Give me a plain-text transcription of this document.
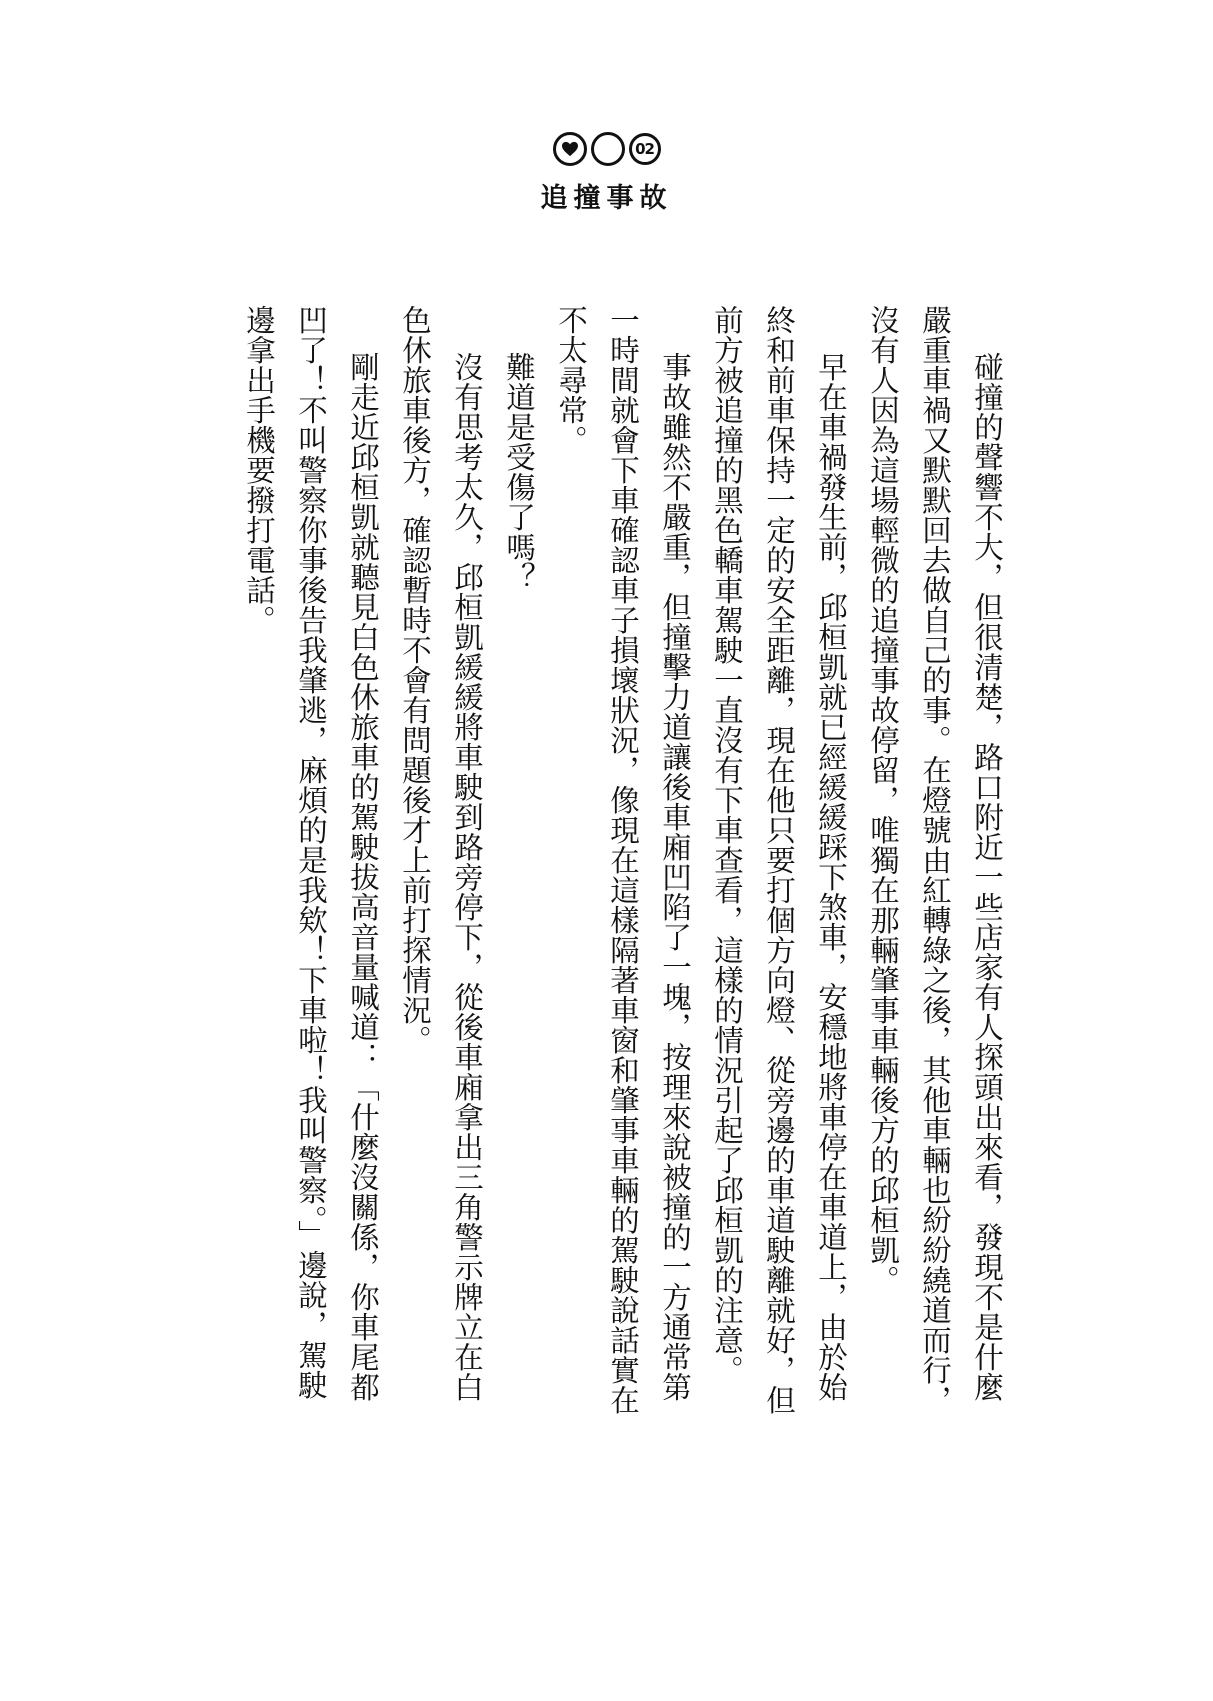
02
追撞事故

碰撞的聲響不大，但很清楚，路口附近一些店家有人探頭出來看，發現不是什麼嚴重車禍又默默回去做自己的事。在燈號由紅轉綠之後，其他車輛也紛紛繞道而行，沒有人因為這場輕微的追撞事故停留，唯獨在那輛肇事車輛後方的邱桓凱。

早在車禍發生前，邱桓凱就已經緩緩踩下煞車，安穩地將車停在車道上，由於始終和前車保持一定的安全距離，現在他只要打個方向燈、從旁邊的車道駛離就好，但前方被追撞的黑色轎車駕駛一直沒有下車查看，這樣的情況引起了邱桓凱的注意。

事故雖然不嚴重，但撞擊力道讓後車廂凹陷了一塊，按理來說被撞的一方通常第一時間就會下車確認車子損壞狀況，像現在這樣隔著車窗和肇事車輛的駕駛說話實在不太尋常。

難道是受傷了嗎？

沒有思考太久，邱桓凱緩緩將車駛到路旁停下，從後車廂拿出三角警示牌立在白色休旅車後方，確認暫時不會有問題後才上前打探情況。

剛走近邱桓凱就聽見白色休旅車的駕駛拔高音量喊道：「什麼沒關係，你車尾都凹了！不叫警察你事後告我肇逃，麻煩的是我欸！下車啦！我叫警察。」邊說，駕駛邊拿出手機要撥打電話。
